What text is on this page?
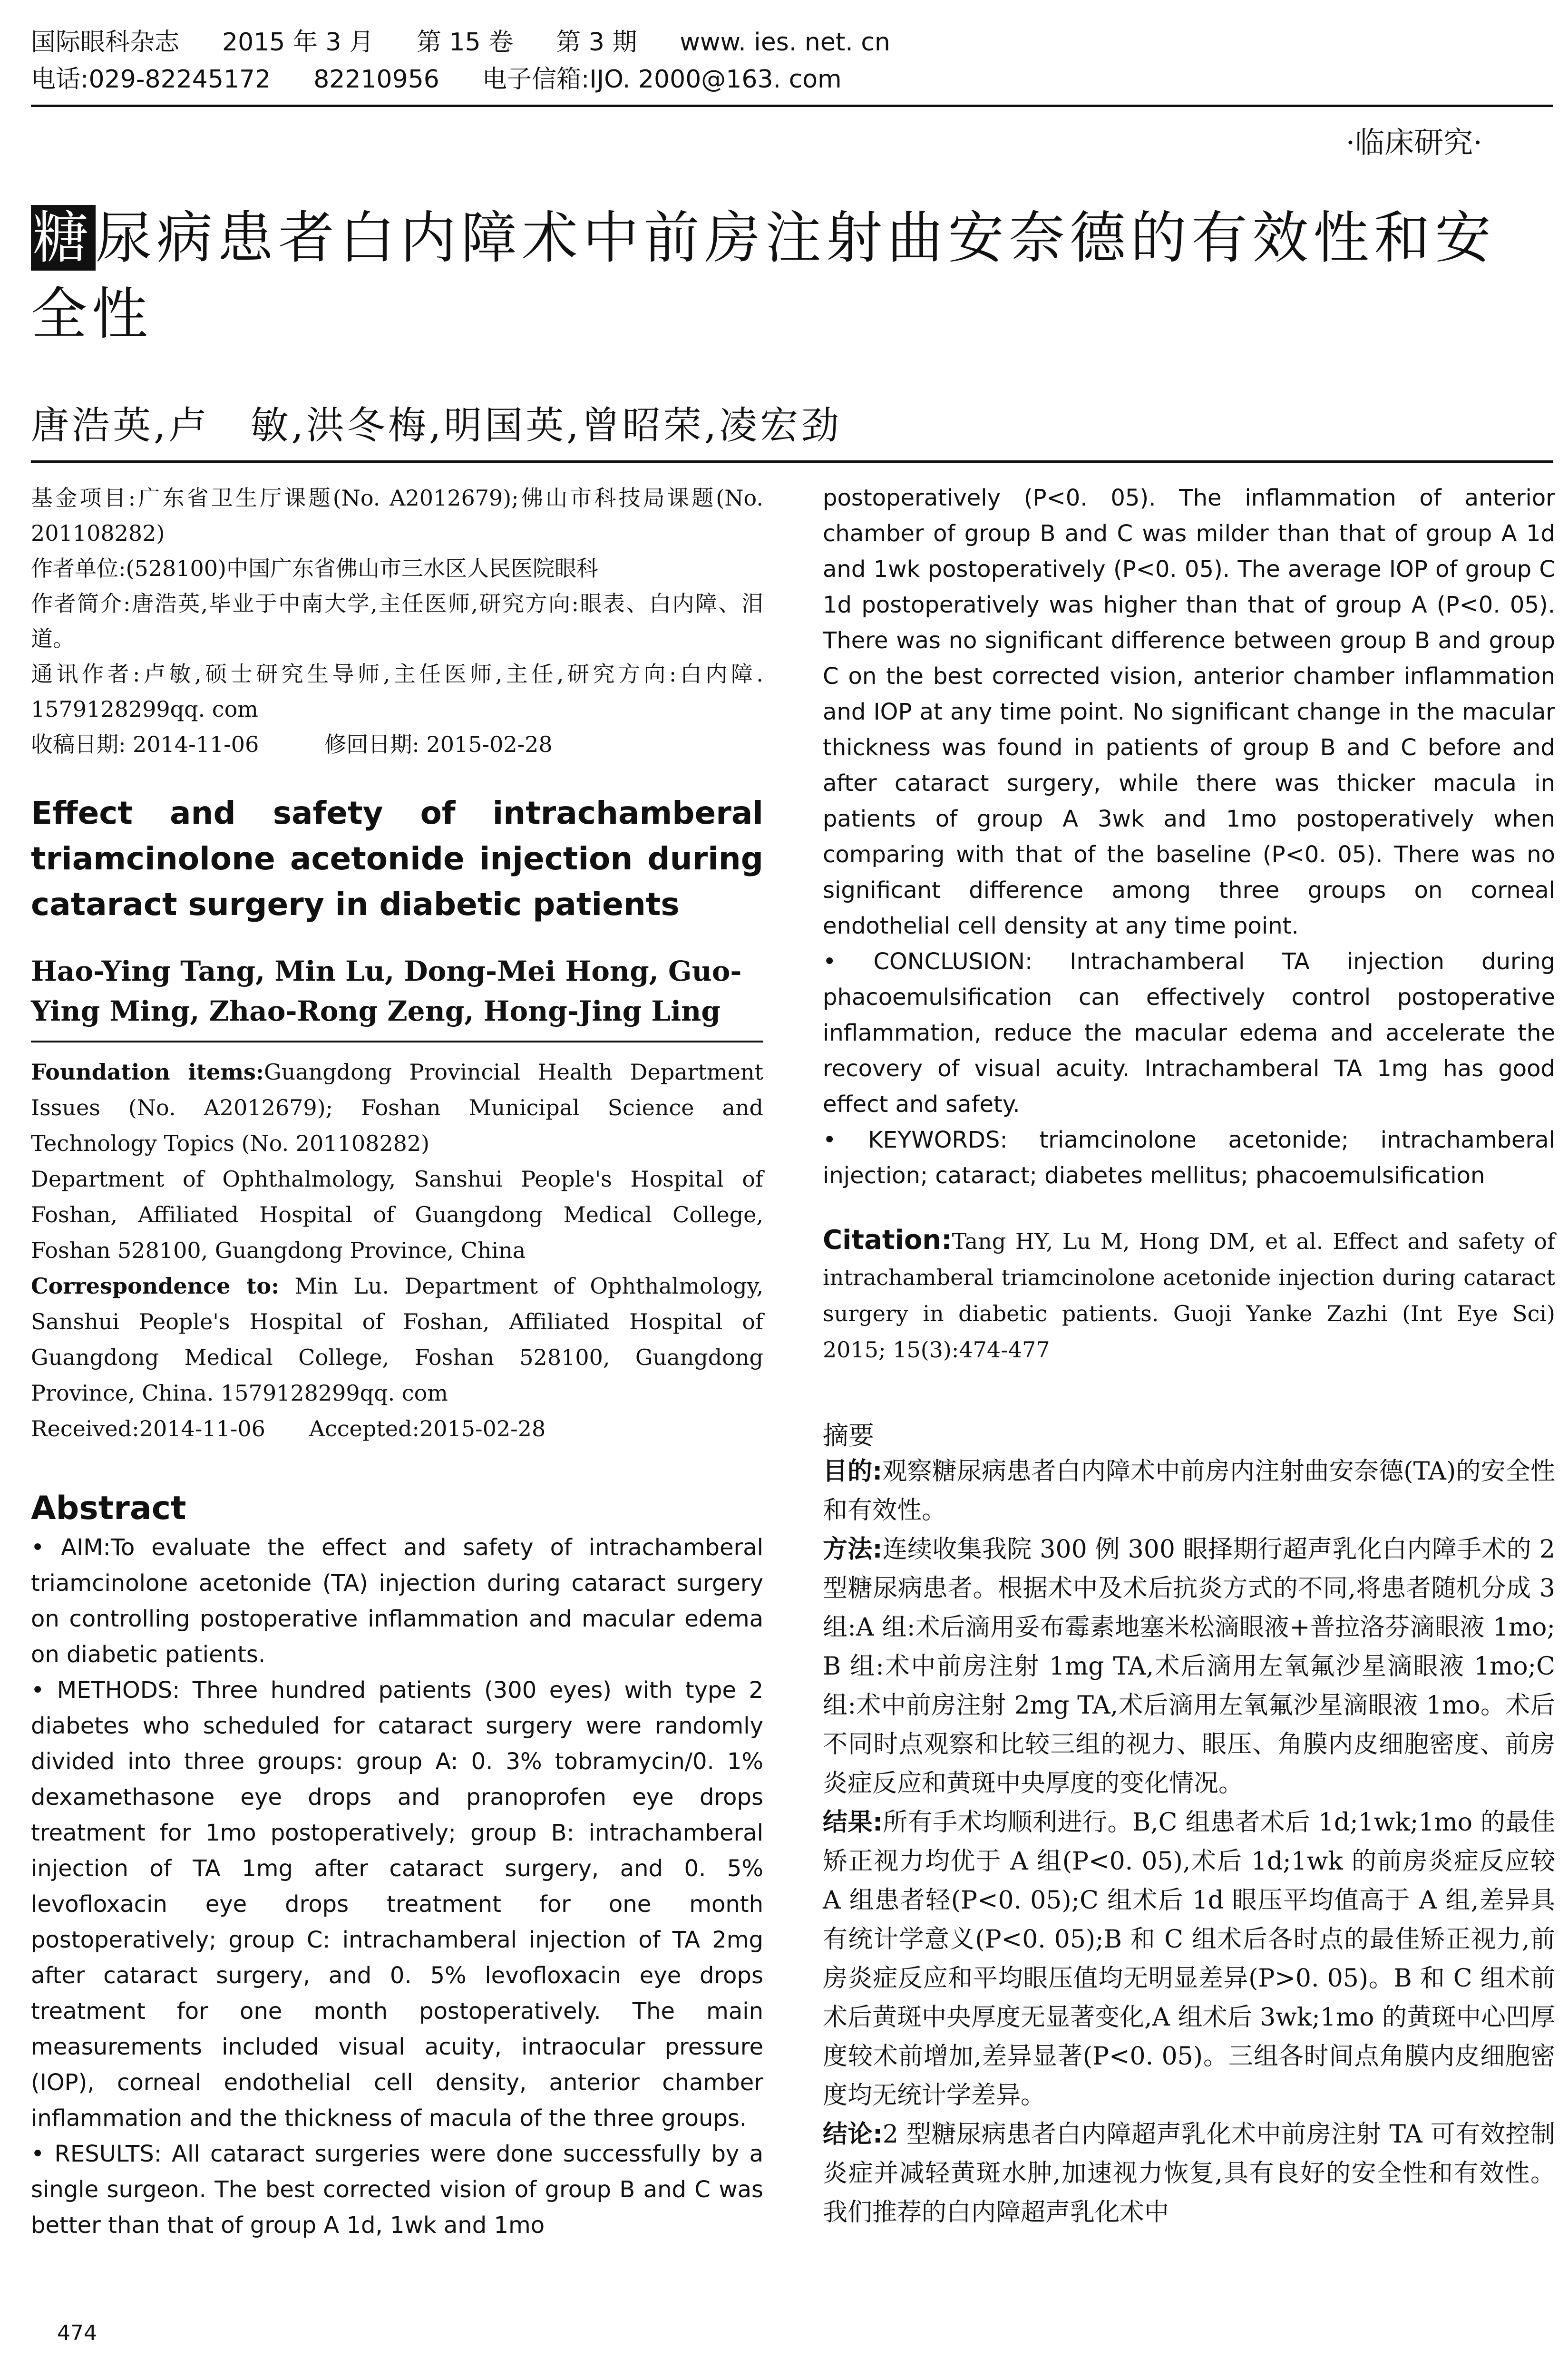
国际眼科杂志 2015 年 3 月 第 15 卷 第 3 期 www. ies. net. cn
电话:029-82245172 82210956 电子信箱:IJO. 2000@163. com
·临床研究·
糖尿病患者白内障术中前房注射曲安奈德的有效性和安全性
唐浩英,卢　敏,洪冬梅,明国英,曾昭荣,凌宏劲

基金项目:广东省卫生厅课题(No. A2012679);佛山市科技局课题(No. 201108282)

作者单位:(528100)中国广东省佛山市三水区人民医院眼科

作者简介:唐浩英,毕业于中南大学,主任医师,研究方向:眼表、白内障、泪道。

通讯作者:卢敏,硕士研究生导师,主任医师,主任,研究方向:白内障. 1579128299qq. com

收稿日期: 2014-11-06　　　修回日期: 2015-02-28

Effect and safety of intrachamberal triamcinolone acetonide injection during cataract surgery in diabetic patients
Hao-Ying Tang, Min Lu, Dong-Mei Hong, Guo-Ying Ming, Zhao-Rong Zeng, Hong-Jing Ling

Foundation items:Guangdong Provincial Health Department Issues (No. A2012679); Foshan Municipal Science and Technology Topics (No. 201108282)

Department of Ophthalmology, Sanshui People's Hospital of Foshan, Affiliated Hospital of Guangdong Medical College, Foshan 528100, Guangdong Province, China

Correspondence to: Min Lu. Department of Ophthalmology, Sanshui People's Hospital of Foshan, Affiliated Hospital of Guangdong Medical College, Foshan 528100, Guangdong Province, China. 1579128299qq. com

Received:2014-11-06　　Accepted:2015-02-28

Abstract

• AIM:To evaluate the effect and safety of intrachamberal triamcinolone acetonide (TA) injection during cataract surgery on controlling postoperative inflammation and macular edema on diabetic patients.

• METHODS: Three hundred patients (300 eyes) with type 2 diabetes who scheduled for cataract surgery were randomly divided into three groups: group A: 0. 3% tobramycin/0. 1% dexamethasone eye drops and pranoprofen eye drops treatment for 1mo postoperatively; group B: intrachamberal injection of TA 1mg after cataract surgery, and 0. 5% levofloxacin eye drops treatment for one month postoperatively; group C: intrachamberal injection of TA 2mg after cataract surgery, and 0. 5% levofloxacin eye drops treatment for one month postoperatively. The main measurements included visual acuity, intraocular pressure (IOP), corneal endothelial cell density, anterior chamber inflammation and the thickness of macula of the three groups.

• RESULTS: All cataract surgeries were done successfully by a single surgeon. The best corrected vision of group B and C was better than that of group A 1d, 1wk and 1mo

postoperatively (P<0. 05). The inflammation of anterior chamber of group B and C was milder than that of group A 1d and 1wk postoperatively (P<0. 05). The average IOP of group C 1d postoperatively was higher than that of group A (P<0. 05). There was no significant difference between group B and group C on the best corrected vision, anterior chamber inflammation and IOP at any time point. No significant change in the macular thickness was found in patients of group B and C before and after cataract surgery, while there was thicker macula in patients of group A 3wk and 1mo postoperatively when comparing with that of the baseline (P<0. 05). There was no significant difference among three groups on corneal endothelial cell density at any time point.

• CONCLUSION: Intrachamberal TA injection during phacoemulsification can effectively control postoperative inflammation, reduce the macular edema and accelerate the recovery of visual acuity. Intrachamberal TA 1mg has good effect and safety.

• KEYWORDS: triamcinolone acetonide; intrachamberal injection; cataract; diabetes mellitus; phacoemulsification

Citation:Tang HY, Lu M, Hong DM, et al. Effect and safety of intrachamberal triamcinolone acetonide injection during cataract surgery in diabetic patients. Guoji Yanke Zazhi (Int Eye Sci) 2015; 15(3):474-477
摘要

目的:观察糖尿病患者白内障术中前房内注射曲安奈德(TA)的安全性和有效性。

方法:连续收集我院 300 例 300 眼择期行超声乳化白内障手术的 2 型糖尿病患者。根据术中及术后抗炎方式的不同,将患者随机分成 3 组:A 组:术后滴用妥布霉素地塞米松滴眼液+普拉洛芬滴眼液 1mo; B 组:术中前房注射 1mg TA,术后滴用左氧氟沙星滴眼液 1mo;C 组:术中前房注射 2mg TA,术后滴用左氧氟沙星滴眼液 1mo。术后不同时点观察和比较三组的视力、眼压、角膜内皮细胞密度、前房炎症反应和黄斑中央厚度的变化情况。

结果:所有手术均顺利进行。B,C 组患者术后 1d;1wk;1mo 的最佳矫正视力均优于 A 组(P<0. 05),术后 1d;1wk 的前房炎症反应较 A 组患者轻(P<0. 05);C 组术后 1d 眼压平均值高于 A 组,差异具有统计学意义(P<0. 05);B 和 C 组术后各时点的最佳矫正视力,前房炎症反应和平均眼压值均无明显差异(P>0. 05)。B 和 C 组术前术后黄斑中央厚度无显著变化,A 组术后 3wk;1mo 的黄斑中心凹厚度较术前增加,差异显著(P<0. 05)。三组各时间点角膜内皮细胞密度均无统计学差异。

结论:2 型糖尿病患者白内障超声乳化术中前房注射 TA 可有效控制炎症并减轻黄斑水肿,加速视力恢复,具有良好的安全性和有效性。我们推荐的白内障超声乳化术中

474
